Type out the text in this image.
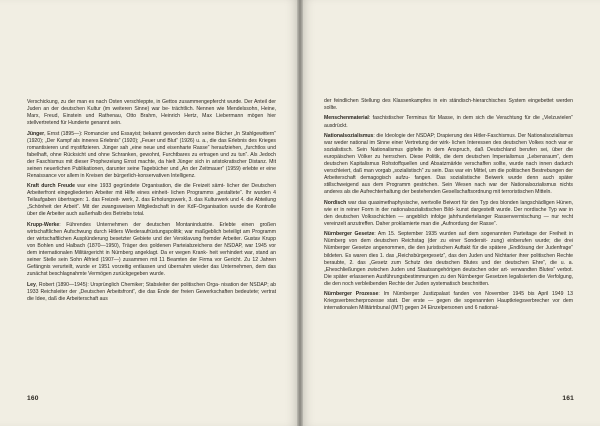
Verschickung, zu der man es nach Osten verschleppte, in Gettos zusammengepfercht wurde. Der Anteil der Juden an der deutschen Kultur (im weiteren Sinne) war be- trächtlich. Nennen wie Mendelssohn, Heine, Marx, Freud, Einstein und Rathenau, Otto Brahm, Heinrich Hertz, Max Liebermann mögen hier stellvertretend für Hunderte genannt sein.

Jünger, Ernst (1895—): Romancier und Essayist; bekannt geworden durch seine Bücher „In Stahlgewittern“ (1920); „Der Kampf als inneres Erlebnis“ (1920); „Feuer und Blut“ (1926) u. a., die das Erlebnis des Krieges romantisieren und mystifizieren. Jünger sah „eine neue und eisenharte Rasse“ heraufziehen, „furchtlos und fabelhaft, ohne Rücksicht und ohne Schranken, gewohnt, Furchtbares zu ertragen und zu tun“. Als Jedoch der Faschismus mit dieser Prophezeiung Ernst machte, da hielt Jünger sich in aristokratischer Distanz. Mit seinen neuerlichen Publikationen, darunter seine Tagebücher und „An der Zeitmauer“ (1959) erlebte er eine Renaissance vor allem in Kreisen der bürgerlich-konservativen Intelligenz.

Kraft durch Freude war eine 1933 gegründete Organisation, die die Freizeit sämt- licher der Deutschen Arbeiterfront eingegliederten Arbeiter mit Hilfe eines einheit- lichen Programms „gestaltete“. Ihr wurden 4 Teilaufgaben übertragen: 1. das Freizeit- werk, 2. das Erholungswerk, 3. das Kulturwerk und 4. die Abteilung „Schönheit der Arbeit“. Mit der zwangsweisen Mitgliedschaft in der KdF-Organisation wurde die Kontrolle über die Arbeiter auch außerhalb des Betriebs total.

Krupp-Werke: Führendes Unternehmen der deutschen Montanindustrie. Erlebte einen großen wirtschaftlichen Aufschwung durch Hitlers Wiederaufrüstungspolitik; war maßgeblich beteiligt am Programm der wirtschaftlichen Ausplünderung besetzter Gebiete und der Versklavung fremder Arbeiter. Gustav Krupp von Bohlen und Halbach (1870—1950), Träger des goldenen Parteiabzeichens der NSDAP, war 1945 vor dem internationalen Militärgericht in Nürnberg angeklagt. Da er wegen Krank- heit verhindert war, stand an seiner Stelle sein Sohn Alfried (1907—) zusammen mit 11 Beamten der Firma vor Gericht. Zu 12 Jahren Gefängnis verurteilt, wurde er 1951 vorzeitig entlassen und übernahm wieder das Unternehmen, dem das zunächst beschlagnahmte Vermögen zurückgegeben wurde.

Ley, Robert (1890—1945): Ursprünglich Chemiker; Stabsleiter der politischen Orga- nisation der NSDAP; ab 1933 Reichsleiter der „Deutschen Arbeitsfront“, die das Ende der freien Gewerkschaften bedeutete; vertrat die Idee, daß die Arbeiterschaft aus

160

der feindlichen Stellung des Klassenkampfes in ein ständisch-hierarchisches System eingebettet werden sollte.

Menschenmaterial: faschistischer Terminus für Masse, in dem sich die Verachtung für die „Vielzuvielen“ ausdrückt.

Nationalsozialismus: die Ideologie der NSDAP; Drapierung des Hitler-Faschismus. Der Nationalsozialismus war weder national im Sinne einer Vertretung der wirk- lichen Interessen des deutschen Volkes noch war er sozialistisch. Sein Nationalismus gipfelte in dem Anspruch, daß Deutschland berufen sei, über die europäischen Völker zu herrschen. Diese Politik, die dem deutschen Imperialismus „Lebensraum“, dem deutschen Kapitalismus Rohstoffquellen und Absatzmärkte verschaffen sollte, wurde nach innen dadurch verschleiert, daß man vorgab „sozialistisch“ zu sein. Das war ein Mittel, um die politischen Bestrebungen der Arbeiterschaft demagogisch aufzu- fangen. Das sozialistische Beiwerk wurde denn auch später stillschweigend aus dem Programm gestrichen. Sein Wesen nach war der Nationalsozialismus nichts anderes als die Aufrechterhaltung der bestehenden Gesellschaftsordnung mit terroristischen Mitteln.

Nordisch war das quasimethaphysische, wertvolle Beiwort für den Typ des blonden langschädligen Hünen, wie er in reiner Form in der nationalsozialistischen Bild- kunst dargestellt wurde. Der nordische Typ war in den deutschen Volksschichten — angeblich infolge jahrhundertelanger Rassenvermischung — nur recht vereinzelt anzutreffen. Daher proklamierte man die „Aufnordung der Rasse“.

Nürnberger Gesetze: Am 15. September 1935 wurden auf dem sogenannten Parteitage der Freiheit in Nürnberg von dem deutschen Reichstag (der zu einer Sondersit- zung) einberufen wurde; die drei Nürnberger Gesetze angenommen, die den juristischen Auftakt für die spätere „Endlösung der Judenfrage“ bildeten. Es waren dies 1. das „Reichsbürgergesetz“, das den Juden und Nichtarier ihrer politischen Rechte beraubte, 2. das „Gesetz zum Schutz des deutschen Blutes und der deutschen Ehre“, die u. a. „Eheschließungen zwischen Juden und Staatsangehörigen deutschen oder art- verwandten Blutes“ verbot. Die später erlassenen Ausführungsbestimmungen zu den Nürnberger Gesetzen legalisierten die Verfolgung, die den noch verbleibenden Rechte der Juden systematisch beschnitten.

Nürnberger Prozesse: Im Nürnberger Justizpalast fanden von November 1945 bis April 1949 13 Kriegsverbrecherprozesse statt. Der erste — gegen die sogenannten Hauptkriegsverbrecher vor dem internationalen Militärtribunal (IMT) gegen 24 Einzelpersonen und 6 national-

161
